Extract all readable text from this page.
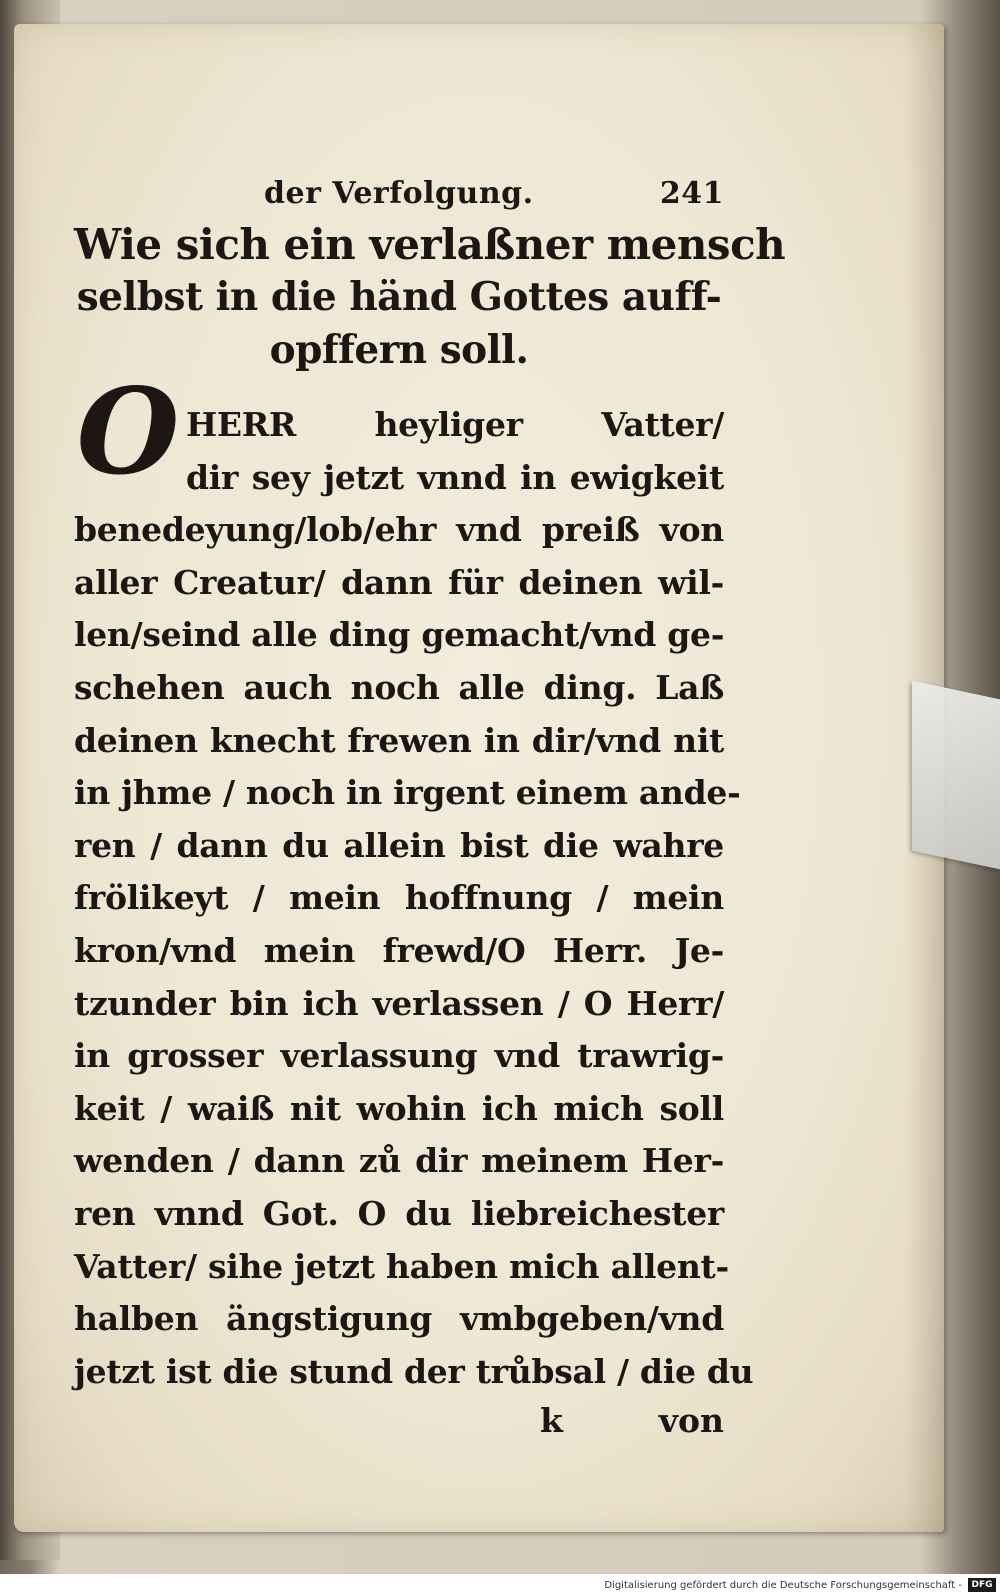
der Verfolgung.	241
Wie sich ein verlaßner mensch
selbst in die händ Gottes auff-
opffern soll.
O HERR heyliger Vatter/
dir sey jetzt vnnd in ewigkeit
benedeyung/lob/ehr vnd preiß von
aller Creatur/ dann für deinen wil-
len/seind alle ding gemacht/vnd ge-
schehen auch noch alle ding. Laß
deinen knecht frewen in dir/vnd nit
in jhme / noch in irgent einem ande-
ren / dann du allein bist die wahre
frölikeyt / mein hoffnung / mein
kron/vnd mein frewd/O Herr. Je-
tzunder bin ich verlassen / O Herr/
in grosser verlassung vnd trawrig-
keit / waiß nit wohin ich mich soll
wenden / dann zů dir meinem Her-
ren vnnd Got. O du liebreichester
Vatter/ sihe jetzt haben mich allent-
halben ängstigung vmbgeben/vnd
jetzt ist die stund der trůbsal / die du
k	von
Digitalisierung gefördert durch die Deutsche Forschungsgemeinschaft -	DFG
